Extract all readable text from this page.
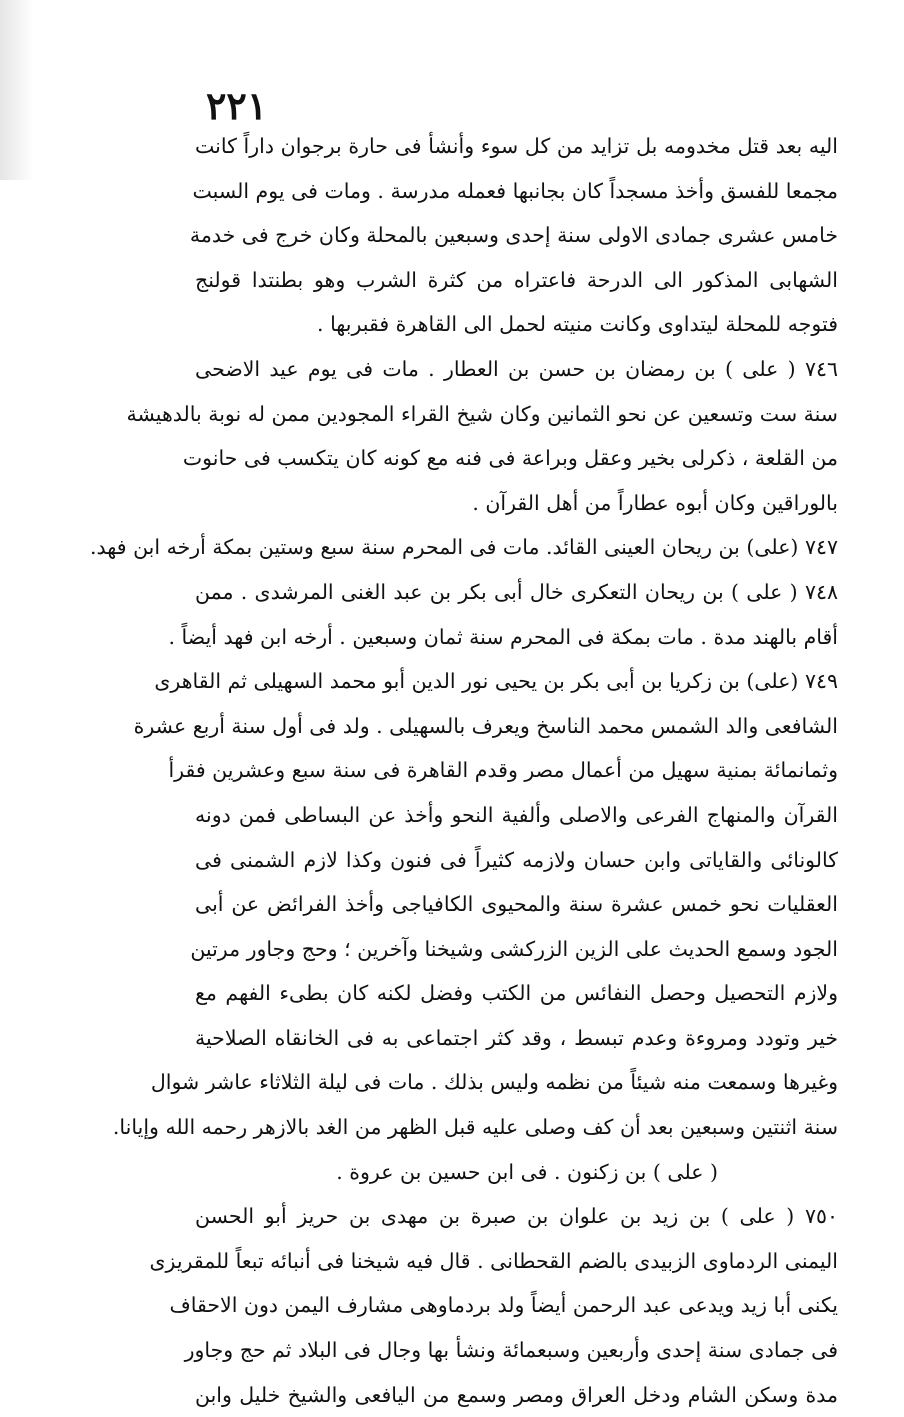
٢٢١
اليه بعد قتل مخدومه بل تزايد من كل سوء وأنشأ فى حارة برجوان داراً كانت
مجمعا للفسق وأخذ مسجداً كان بجانبها فعمله مدرسة . ومات فى يوم السبت
خامس عشرى جمادى الاولى سنة إحدى وسبعين بالمحلة وكان خرج فى خدمة
الشهابى المذكور الى الدرحة فاعتراه من كثرة الشرب وهو بطنتدا قولنج
فتوجه للمحلة ليتداوى وكانت منيته لحمل الى القاهرة فقبربها .
٧٤٦ ( على ) بن رمضان بن حسن بن العطار . مات فى يوم عيد الاضحى
سنة ست وتسعين عن نحو الثمانين وكان شيخ القراء المجودين ممن له نوبة بالدهيشة
من القلعة ، ذكرلى بخير وعقل وبراعة فى فنه مع كونه كان يتكسب فى حانوت
بالوراقين وكان أبوه عطاراً من أهل القرآن .
٧٤٧ (على) بن ريحان العينى القائد. مات فى المحرم سنة سبع وستين بمكة أرخه ابن فهد.
٧٤٨ ( على ) بن ريحان التعكرى خال أبى بكر بن عبد الغنى المرشدى . ممن
أقام بالهند مدة . مات بمكة فى المحرم سنة ثمان وسبعين . أرخه ابن فهد أيضاً .
٧٤٩ (على) بن زكريا بن أبى بكر بن يحيى نور الدين أبو محمد السهيلى ثم القاهرى
الشافعى والد الشمس محمد الناسخ ويعرف بالسهيلى . ولد فى أول سنة أربع عشرة
وثمانمائة بمنية سهيل من أعمال مصر وقدم القاهرة فى سنة سبع وعشرين فقرأ
القرآن والمنهاج الفرعى والاصلى وألفية النحو وأخذ عن البساطى فمن دونه
كالونائى والقاياتى وابن حسان ولازمه كثيراً فى فنون وكذا لازم الشمنى فى
العقليات نحو خمس عشرة سنة والمحيوى الكافياجى وأخذ الفرائض عن أبى
الجود وسمع الحديث على الزين الزركشى وشيخنا وآخرين ؛ وحج وجاور مرتين
ولازم التحصيل وحصل النفائس من الكتب وفضل لكنه كان بطىء الفهم مع
خير وتودد ومروءة وعدم تبسط ، وقد كثر اجتماعى به فى الخانقاه الصلاحية
وغيرها وسمعت منه شيئاً من نظمه وليس بذلك . مات فى ليلة الثلاثاء عاشر شوال
سنة اثنتين وسبعين بعد أن كف وصلى عليه قبل الظهر من الغد بالازهر رحمه الله وإيانا.
( على ) بن زكنون . فى ابن حسين بن عروة .
٧٥٠ ( على ) بن زيد بن علوان بن صبرة بن مهدى بن حريز أبو الحسن
اليمنى الردماوى الزبيدى بالضم القحطانى . قال فيه شيخنا فى أنبائه تبعاً للمقريزى
يكنى أبا زيد ويدعى عبد الرحمن أيضاً ولد بردماوهى مشارف اليمن دون الاحقاف
فى جمادى سنة إحدى وأربعين وسبعمائة ونشأ بها وجال فى البلاد ثم حج وجاور
مدة وسكن الشام ودخل العراق ومصر وسمع من اليافعى والشيخ خليل وابن
